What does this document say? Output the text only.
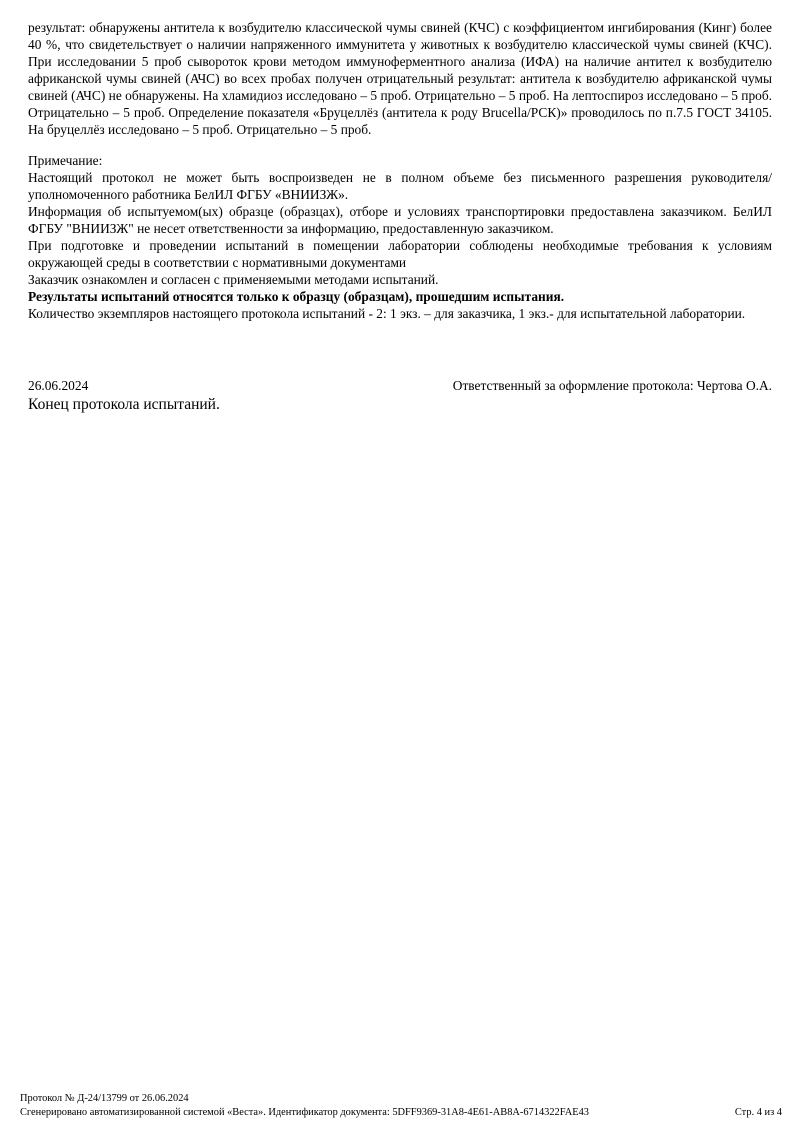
результат: обнаружены антитела к возбудителю классической чумы свиней (КЧС) с коэффициентом ингибирования (Кинг) более 40 %, что свидетельствует о наличии напряженного иммунитета у животных к возбудителю классической чумы свиней (КЧС). При исследовании 5 проб сывороток крови методом иммуноферментного анализа (ИФА) на наличие антител к возбудителю африканской чумы свиней (АЧС) во всех пробах получен отрицательный результат: антитела к возбудителю африканской чумы свиней (АЧС) не обнаружены. На хламидиоз исследовано – 5 проб. Отрицательно – 5 проб. На лептоспироз исследовано – 5 проб. Отрицательно – 5 проб. Определение показателя «Бруцеллёз (антитела к роду Brucella/РСК)» проводилось по п.7.5 ГОСТ 34105. На бруцеллёз исследовано – 5 проб. Отрицательно – 5 проб.

Примечание:

Настоящий протокол не может быть воспроизведен не в полном объеме без письменного разрешения руководителя/уполномоченного работника БелИЛ ФГБУ «ВНИИЗЖ».

Информация об испытуемом(ых) образце (образцах), отборе и условиях транспортировки предоставлена заказчиком. БелИЛ ФГБУ "ВНИИЗЖ" не несет ответственности за информацию, предоставленную заказчиком.

При подготовке и проведении испытаний в помещении лаборатории соблюдены необходимые требования к условиям окружающей среды в соответствии с нормативными документами

Заказчик ознакомлен и согласен с применяемыми методами испытаний.

Результаты испытаний относятся только к образцу (образцам), прошедшим испытания.

Количество экземпляров настоящего протокола испытаний - 2: 1 экз. – для заказчика, 1 экз.- для испытательной лаборатории.

26.06.2024	Ответственный за оформление протокола: Чертова О.А.
Конец протокола испытаний.
Протокол № Д-24/13799 от 26.06.2024
Сгенерировано автоматизированной системой «Веста». Идентификатор документа: 5DFF9369-31A8-4E61-AB8A-6714322FAE43	Стр. 4 из 4
